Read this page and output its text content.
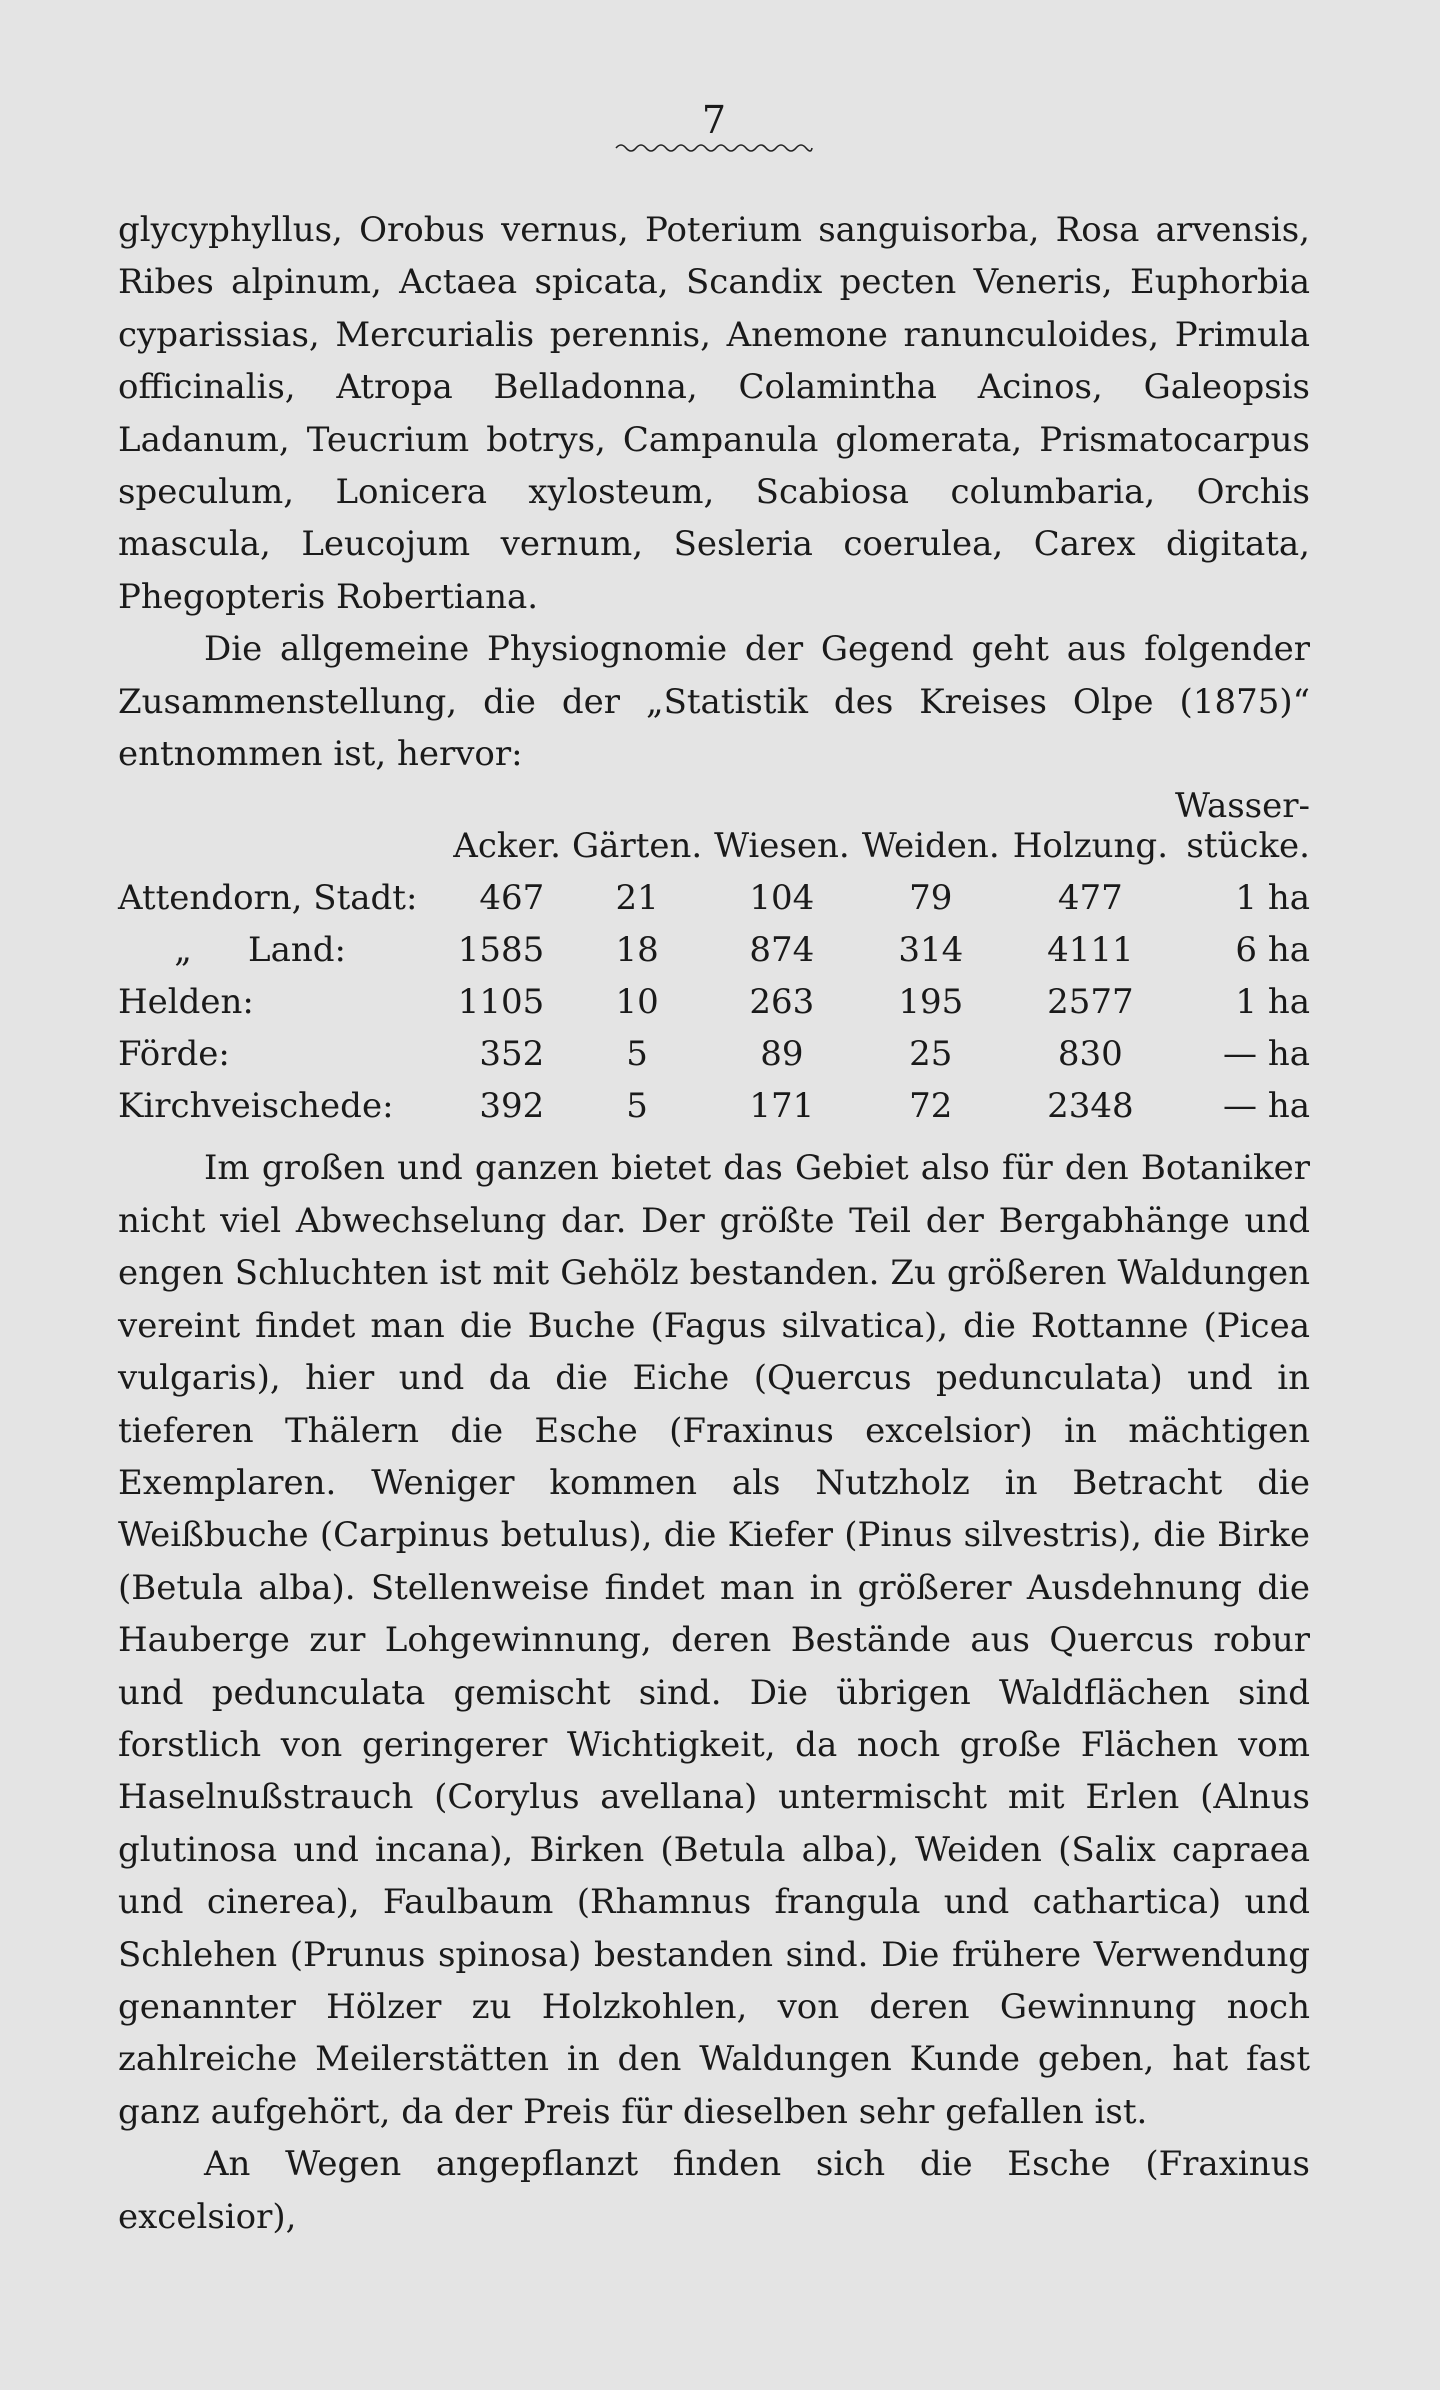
7

glycyphyllus, Orobus vernus, Poterium sanguisorba, Rosa arvensis, Ribes alpinum, Actaea spicata, Scandix pecten Veneris, Euphorbia cyparissias, Mercurialis perennis, Anemone ranunculoides, Primula officinalis, Atropa Belladonna, Colamintha Acinos, Galeopsis Ladanum, Teucrium botrys, Campanula glomerata, Prismatocarpus speculum, Lonicera xylosteum, Scabiosa columbaria, Orchis mascula, Leucojum vernum, Sesleria coerulea, Carex digitata, Phegopteris Robertiana.

Die allgemeine Physiognomie der Gegend geht aus folgender Zusammenstellung, die der „Statistik des Kreises Olpe (1875)“ entnommen ist, hervor:

	Acker.	Gärten.	Wiesen.	Weiden.	Holzung.	Wasser-stücke.
Attendorn, Stadt:	467	21	104	79	477	1 ha
„ Land:	1585	18	874	314	4111	6 ha
Helden:	1105	10	263	195	2577	1 ha
Förde:	352	5	89	25	830	— ha
Kirchveischede:	392	5	171	72	2348	— ha

Im großen und ganzen bietet das Gebiet also für den Botaniker nicht viel Abwechselung dar. Der größte Teil der Bergabhänge und engen Schluchten ist mit Gehölz bestanden. Zu größeren Waldungen vereint findet man die Buche (Fagus silvatica), die Rottanne (Picea vulgaris), hier und da die Eiche (Quercus pedunculata) und in tieferen Thälern die Esche (Fraxinus excelsior) in mächtigen Exemplaren. Weniger kommen als Nutzholz in Betracht die Weißbuche (Carpinus betulus), die Kiefer (Pinus silvestris), die Birke (Betula alba). Stellenweise findet man in größerer Ausdehnung die Hauberge zur Lohgewinnung, deren Bestände aus Quercus robur und pedunculata gemischt sind. Die übrigen Waldflächen sind forstlich von geringerer Wichtigkeit, da noch große Flächen vom Haselnußstrauch (Corylus avellana) untermischt mit Erlen (Alnus glutinosa und incana), Birken (Betula alba), Weiden (Salix capraea und cinerea), Faulbaum (Rhamnus frangula und cathartica) und Schlehen (Prunus spinosa) bestanden sind. Die frühere Verwendung genannter Hölzer zu Holzkohlen, von deren Gewinnung noch zahlreiche Meilerstätten in den Waldungen Kunde geben, hat fast ganz aufgehört, da der Preis für dieselben sehr gefallen ist.

An Wegen angepflanzt finden sich die Esche (Fraxinus excelsior),
